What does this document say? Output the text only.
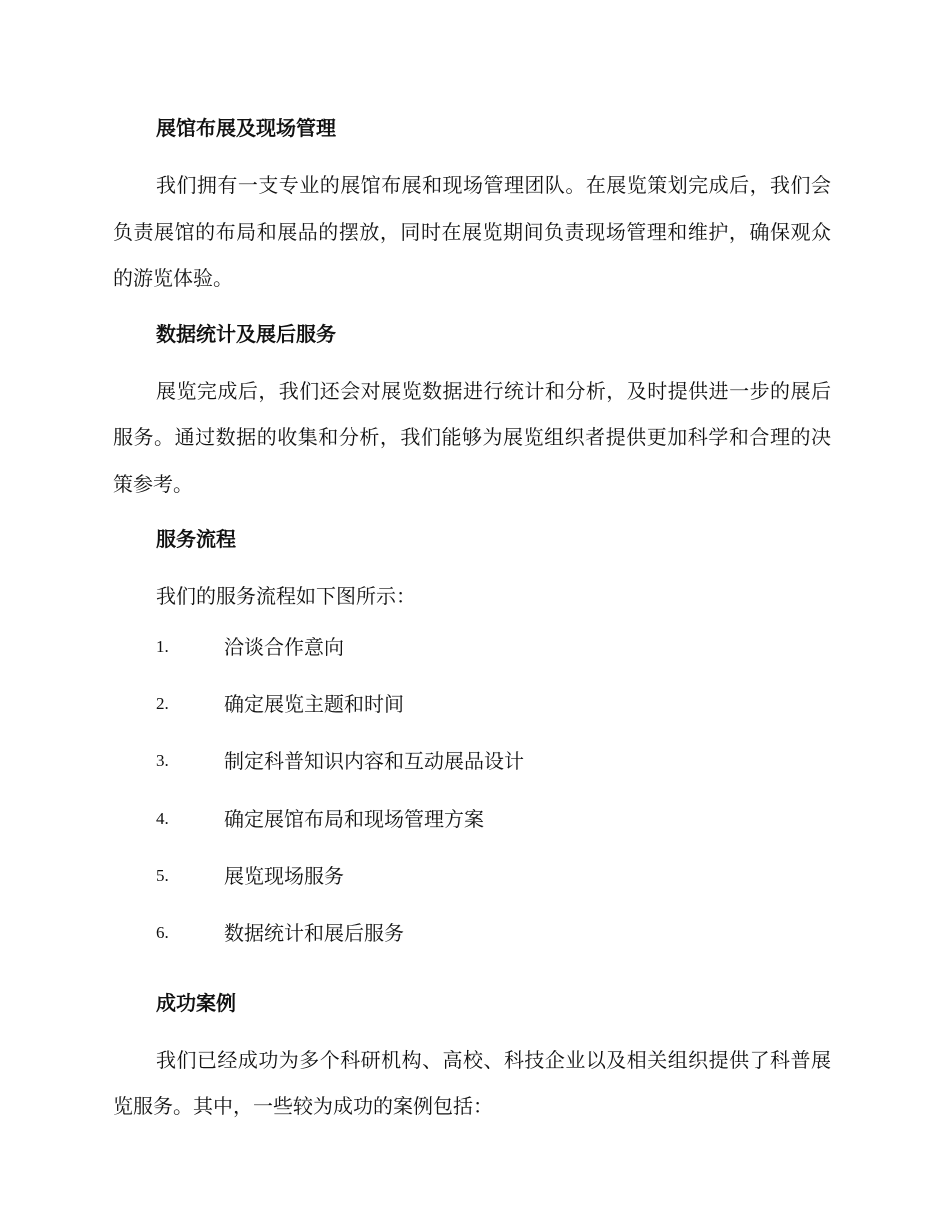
展馆布展及现场管理

我们拥有一支专业的展馆布展和现场管理团队。在展览策划完成后，我们会负责展馆的布局和展品的摆放，同时在展览期间负责现场管理和维护，确保观众的游览体验。

数据统计及展后服务

展览完成后，我们还会对展览数据进行统计和分析，及时提供进一步的展后服务。通过数据的收集和分析，我们能够为展览组织者提供更加科学和合理的决策参考。

服务流程

我们的服务流程如下图所示：

1.	洽谈合作意向
2.	确定展览主题和时间
3.	制定科普知识内容和互动展品设计
4.	确定展馆布局和现场管理方案
5.	展览现场服务
6.	数据统计和展后服务
成功案例

我们已经成功为多个科研机构、高校、科技企业以及相关组织提供了科普展览服务。其中，一些较为成功的案例包括：
